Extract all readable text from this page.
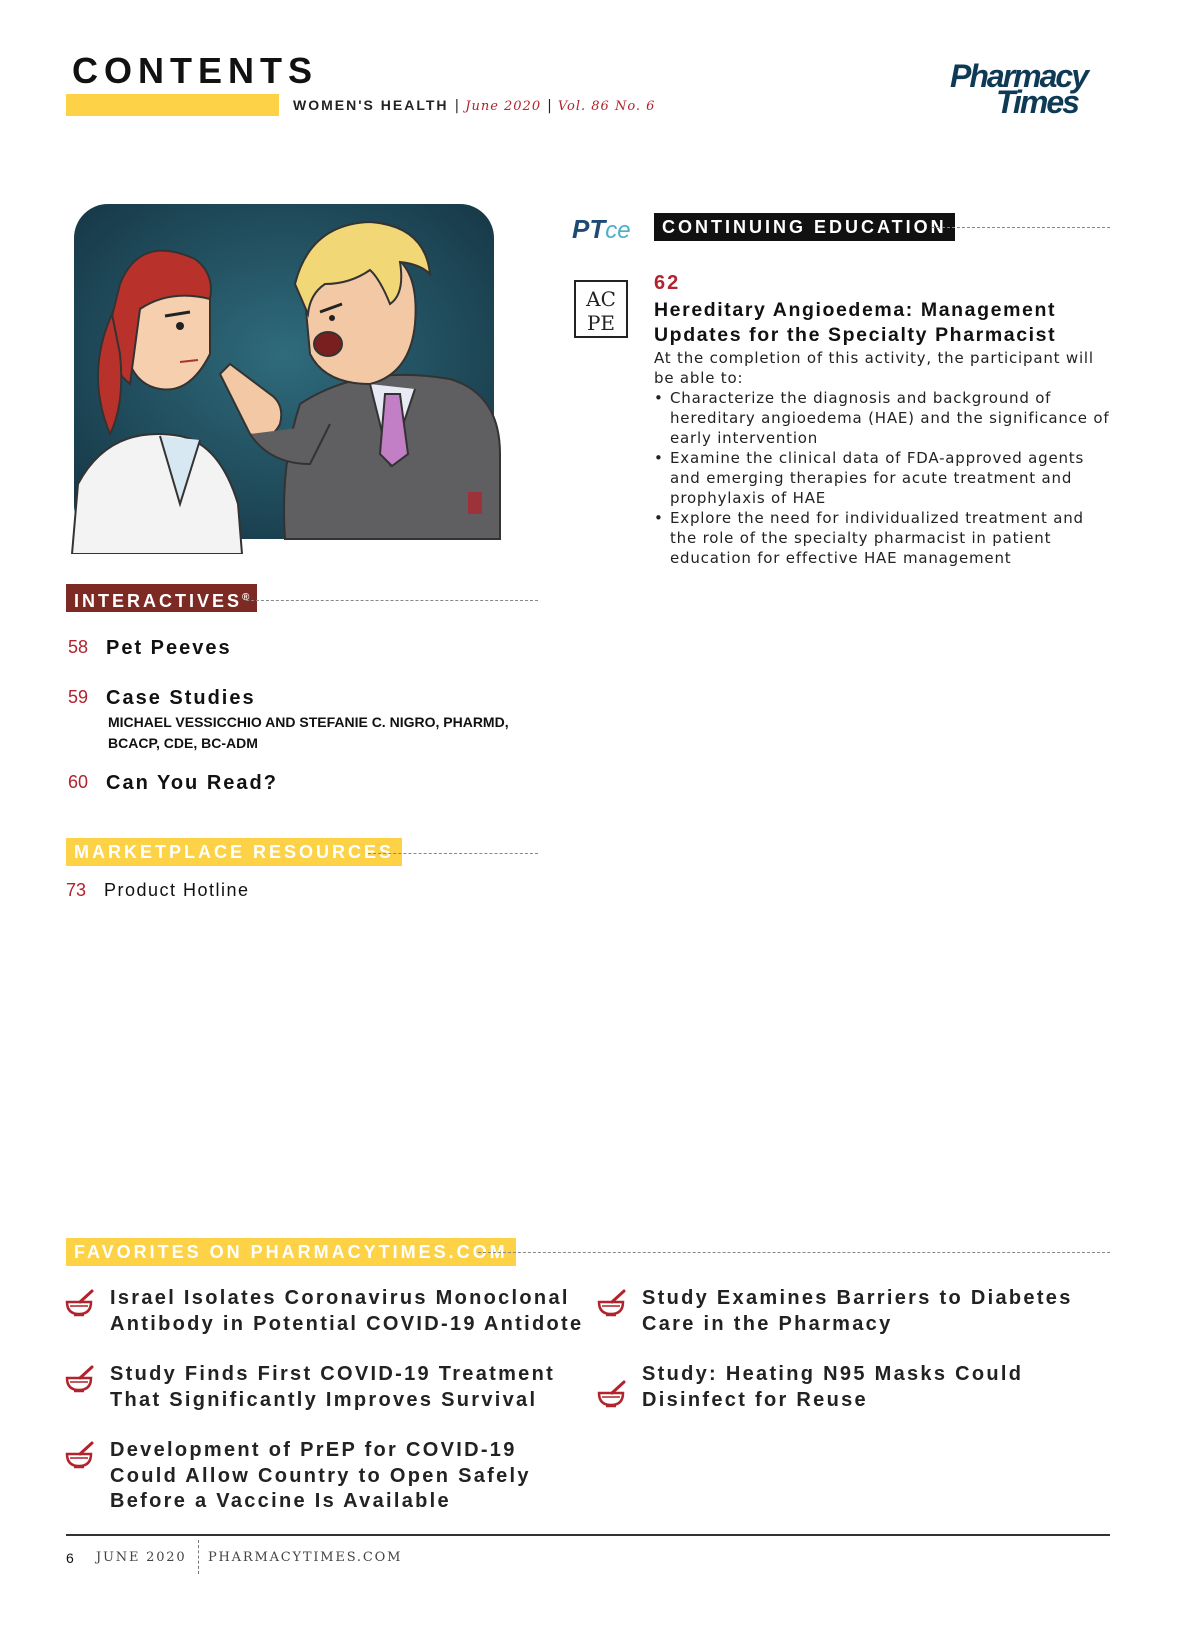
CONTENTS
WOMEN'S HEALTH | June 2020 | Vol. 86 No. 6
Pharmacy
Times
PTce	CONTINUING EDUCATION
AC
PE
62
Hereditary Angioedema: Management Updates for the Specialty Pharmacist
At the completion of this activity, the participant will be able to:
• Characterize the diagnosis and background of hereditary angioedema (HAE) and the significance of early intervention
• Examine the clinical data of FDA-approved agents and emerging therapies for acute treatment and prophylaxis of HAE
• Explore the need for individualized treatment and the role of the specialty pharmacist in patient education for effective HAE management
INTERACTIVES®
58 Pet Peeves
59 Case Studies
MICHAEL VESSICCHIO AND STEFANIE C. NIGRO, PHARMD, BCACP, CDE, BC-ADM
60 Can You Read?
MARKETPLACE RESOURCES
73 Product Hotline
FAVORITES ON PHARMACYTIMES.COM
Israel Isolates Coronavirus Monoclonal Antibody in Potential COVID-19 Antidote
Study Finds First COVID-19 Treatment That Significantly Improves Survival
Development of PrEP for COVID-19 Could Allow Country to Open Safely Before a Vaccine Is Available
Study Examines Barriers to Diabetes Care in the Pharmacy
Study: Heating N95 Masks Could Disinfect for Reuse
6 JUNE 2020 PHARMACYTIMES.COM
